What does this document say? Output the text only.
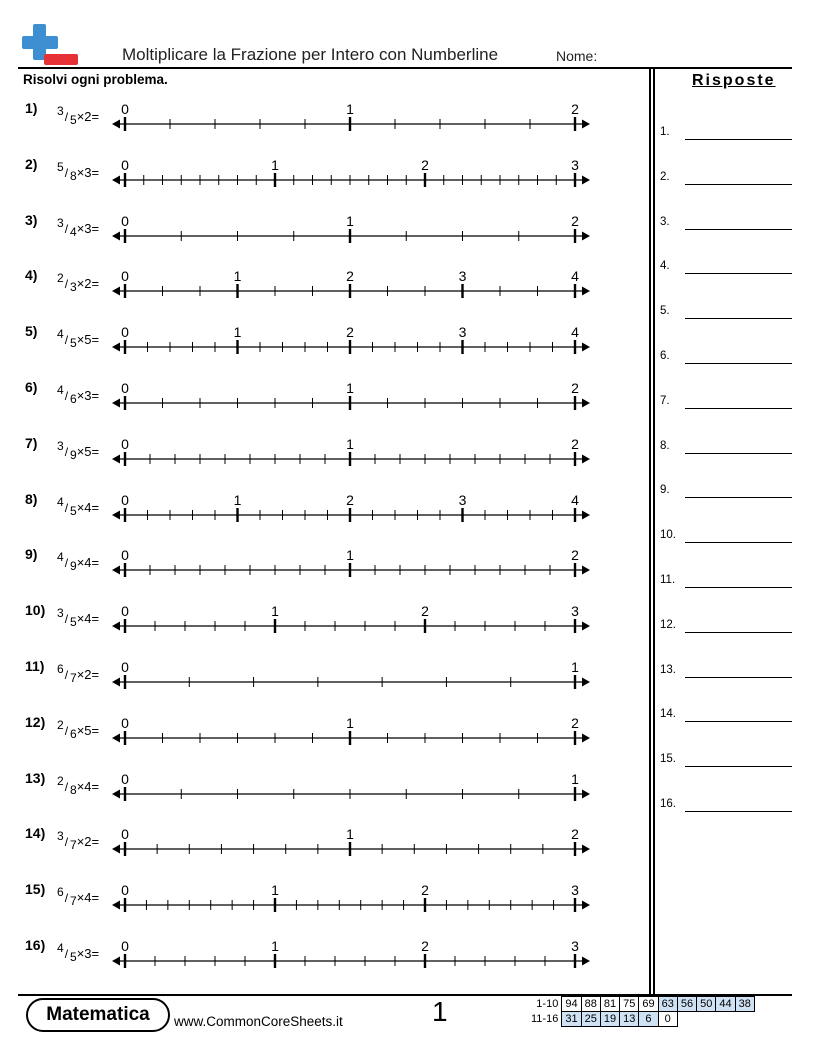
Moltiplicare la Frazione per Intero con Numberline	Nome:
Risolvi ogni problema.	Risposte
1.
2.
3.
4.
5.
6.
7.
8.
9.
10.
11.
12.
13.
14.
15.
16.
1) 3/ 5×2= 0	1	2
2) 5/ 8×3= 0	1	2	3
3) 3/ 4×3= 0	1	2
4) 2/ 3×2= 0	1	2	3	4
5) 4/ 5×5= 0	1	2	3	4
6) 4/ 6×3= 0	1	2
7) 3/ 9×5= 0	1	2
8) 4/ 5×4= 0	1	2	3	4
9) 4/ 9×4= 0	1	2
10) 3/ 5×4= 0	1	2	3
11) 6/ 7×2= 0	1
12) 2/ 6×5= 0	1	2
13) 2/ 8×4= 0	1
14) 3/ 7×2= 0	1	2
15) 6/ 7×4= 0	1	2	3
16) 4/ 5×3= 0	1	2	3
Matematica	www.CommonCoreSheets.it	1	1-10	94	88	81	75	69	63	56	50	44	38
11-16	31	25	19	13	6	0				
